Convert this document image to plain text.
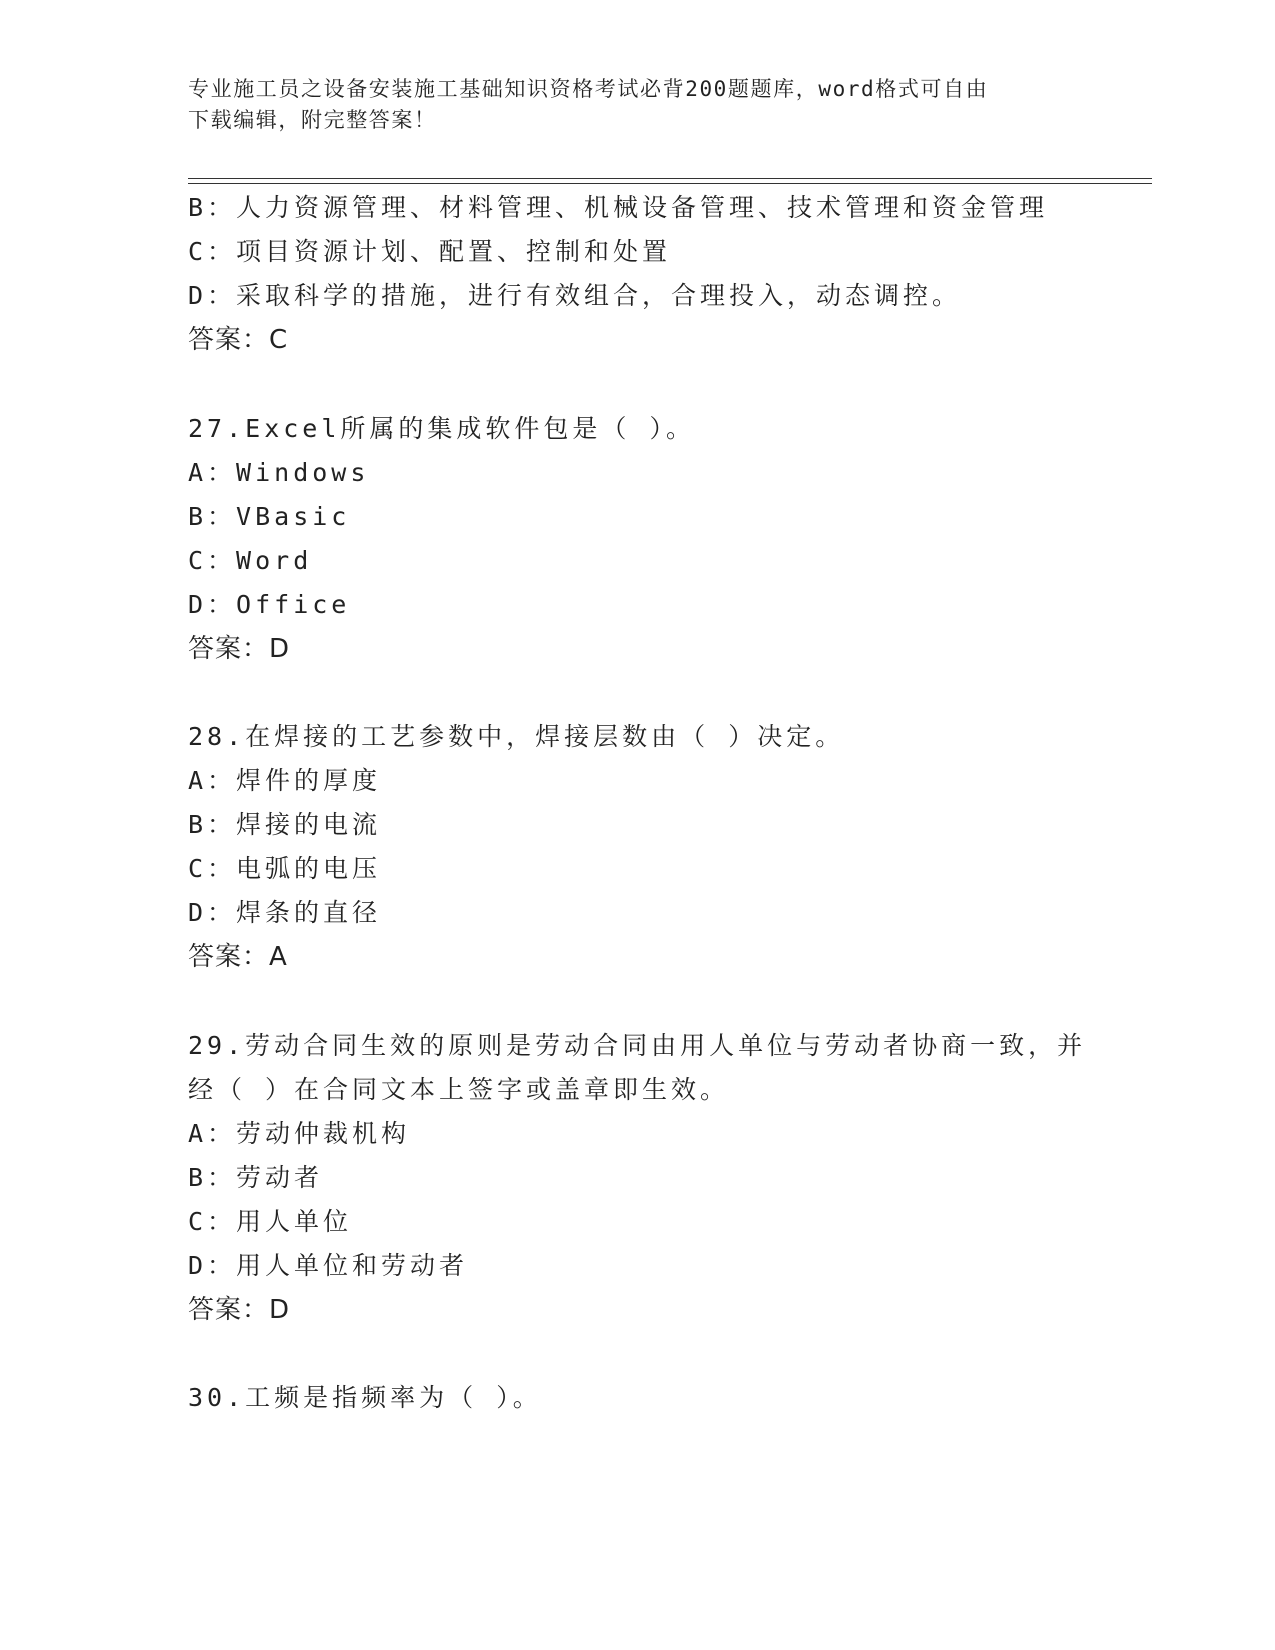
专业施工员之设备安装施工基础知识资格考试必背200题题库，word格式可自由
下载编辑，附完整答案！
B：人力资源管理、材料管理、机械设备管理、技术管理和资金管理
C：项目资源计划、配置、控制和处置
D：采取科学的措施，进行有效组合，合理投入，动态调控。
答案：C
27.Excel所属的集成软件包是（ ）。
A：Windows
B：VBasic
C：Word
D：Office
答案：D
28.在焊接的工艺参数中，焊接层数由（ ）决定。
A：焊件的厚度
B：焊接的电流
C：电弧的电压
D：焊条的直径
答案：A
29.劳动合同生效的原则是劳动合同由用人单位与劳动者协商一致，并
经（ ）在合同文本上签字或盖章即生效。
A：劳动仲裁机构
B：劳动者
C：用人单位
D：用人单位和劳动者
答案：D
30.工频是指频率为（ ）。
